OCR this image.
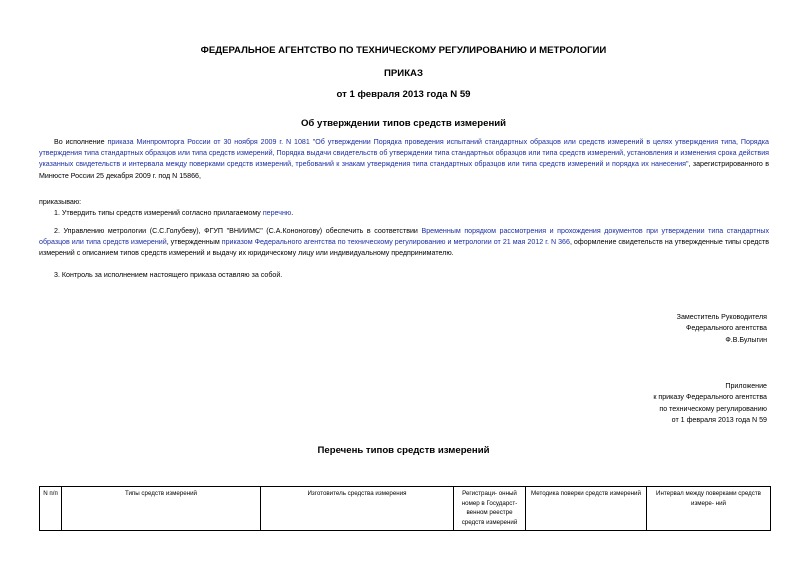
ФЕДЕРАЛЬНОЕ АГЕНТСТВО ПО ТЕХНИЧЕСКОМУ РЕГУЛИРОВАНИЮ И МЕТРОЛОГИИ
ПРИКАЗ
от 1 февраля 2013 года N 59
Об утверждении типов средств измерений
Во исполнение приказа Минпромторга России от 30 ноября 2009 г. N 1081 "Об утверждении Порядка проведения испытаний стандартных образцов или средств измерений в целях утверждения типа, Порядка утверждения типа стандартных образцов или типа средств измерений, Порядка выдачи свидетельств об утверждении типа стандартных образцов или типа средств измерений, установления и изменения срока действия указанных свидетельств и интервала между поверками средств измерений, требований к знакам утверждения типа стандартных образцов или типа средств измерений и порядка их нанесения", зарегистрированного в Минюсте России 25 декабря 2009 г. под N 15866,
приказываю:
1. Утвердить типы средств измерений согласно прилагаемому перечню.
2. Управлению метрологии (С.С.Голубеву), ФГУП "ВНИИМС" (С.А.Кононогову) обеспечить в соответствии Временным порядком рассмотрения и прохождения документов при утверждении типа стандартных образцов или типа средств измерений, утвержденным приказом Федерального агентства по техническому регулированию и метрологии от 21 мая 2012 г. N 366, оформление свидетельств на утвержденные типы средств измерений с описанием типов средств измерений и выдачу их юридическому лицу или индивидуальному предпринимателю.
3. Контроль за исполнением настоящего приказа оставляю за собой.
Заместитель Руководителя
Федерального агентства
Ф.В.Булыгин
Приложение
к приказу Федерального агентства
по техническому регулированию
от 1 февраля 2013 года N 59
Перечень типов средств измерений
N п/п	Типы средств измерений	Изготовитель средства измерения	Регистраци- онный номер в Государст- венном реестре средств измерений	Методика поверки средств измерений	Интервал между поверками средств измере- ний
